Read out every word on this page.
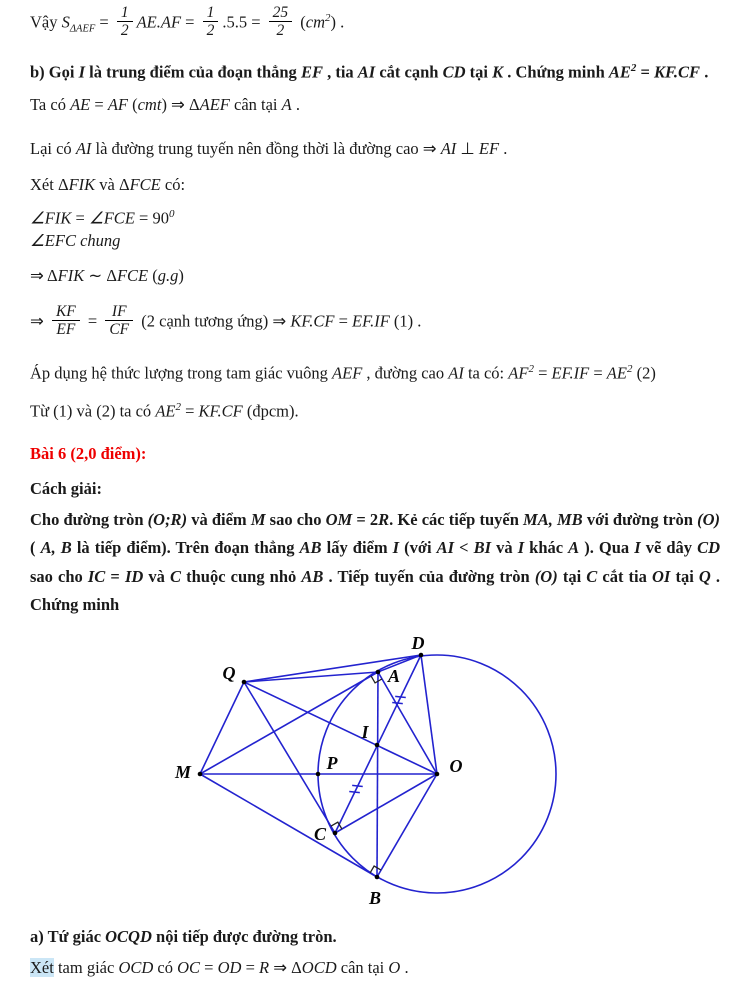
Vậy $S_{\Delta AEF} = \frac{1}{2} AE.AF = \frac{1}{2} .5.5 = \frac{25}{2} (cm^2)$ .
b) Gọi I là trung điểm của đoạn thẳng EF , tia AI cắt cạnh CD tại K . Chứng minh $AE^2 = KF.CF$ .
Ta có AE = AF (cmt) ⇒ ΔAEF cân tại A .
Lại có AI là đường trung tuyến nên đồng thời là đường cao ⇒ AI ⊥ EF .
Xét ΔFIK và ΔFCE có:
∠FIK = ∠FCE = $90^0$
∠EFC chung
⇒ ΔFIK ∼ ΔFCE (g.g)
⇒ $\frac{KF}{EF} = \frac{IF}{CF} (2$ cạnh tương ứng) ⇒ KF.CF = EF.IF (1) .
Áp dụng hệ thức lượng trong tam giác vuông AEF , đường cao AI ta có: $AF^2 = EF.IF = AE^2$ (2)
Từ (1) và (2) ta có $AE^2 = KF.CF$ (đpcm).
Bài 6 (2,0 điểm):
Cách giải:
Cho đường tròn (O;R) và điểm M sao cho OM = 2R. Kẻ các tiếp tuyến MA, MB với đường tròn (O) ( A, B là tiếp điểm). Trên đoạn thẳng AB lấy điểm I (với AI < BI và I khác A ). Qua I vẽ dây CD sao cho IC = ID và C thuộc cung nhỏ AB . Tiếp tuyến của đường tròn (O) tại C cắt tia OI tại Q . Chứng minh
a) Tứ giác OCQD nội tiếp được đường tròn.
Xét tam giác OCD có OC = OD = R ⇒ ΔOCD cân tại O .
M
Q
D
A
I
P	O
C
B
